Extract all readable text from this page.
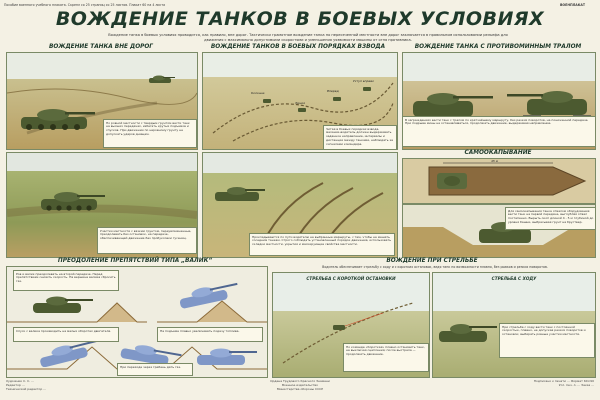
Пособие военного учебного плаката. Скрепл со 25 страниц со 25 листов. Плакат 60 на 4 листа	ВОЕНПЛАКАТ
ВОЖДЕНИЕ ТАНКОВ В БОЕВЫХ УСЛОВИЯХ
Вождение танка в боевых условиях проводится, как правило, вне дорог. Тактически грамотное вождение танка по пересеченной местности вне дорог заключается в правильном использовании рельефа для движения с максимально допустимыми скоростями и уменьшения уязвимости машины от огня противника.
ВОЖДЕНИЕ ТАНКА ВНЕ ДОРОГ
По ровной местности с твердым грунтом вести танк на высших передачах, избегать крутых подъемов и спусков. При движении по неровному грунту не допускать ударов днищем.
Участки местности с вязким грунтом, переувлажненные, преодолевать без остановок, на передаче, обеспечивающей движение без пробуксовки гусениц.
ВОЖДЕНИЕ ТАНКОВ В БОЕВЫХ ПОРЯДКАХ ВЗВОДА
Колонна
Линия
Вперед
Уступ вправо
Читая в боевых порядках взвода, механик-водитель должен выдерживать заданное направление, интервалы и дистанции между танками, наблюдать за сигналами командира.
Прокладываются по пути водителю не выбранные маршруты, с тем, чтобы не мешать соседним танкам. Строго соблюдать установленный порядок движения, использовать складки местности, укрытия и маскирующие свойства местности.
ВОЖДЕНИЕ ТАНКА С ПРОТИВОМИННЫМ ТРАЛОМ
В заграждениях вести танк с тралом по кратчайшему маршруту, без резких поворотов, на пониженной передаче. При подрыве мины не останавливаться, продолжать движение, выдерживая направление.
САМООКАПЫВАНИЕ
45 м
Для самоокапывания танка отвалом оборудования вести танк на первой передаче, выглубляя отвал постепенно. Вырыть окоп длиной 4 - 5 м глубиной до уровня башни, выбрасывая грунт на бруствер.
ПРЕОДОЛЕНИЕ ПРЕПЯТСТВИЙ ТИПА „ВАЛИК“
Ров и валик преодолевать на второй передаче. Перед препятствием снизить скорость. На вершине валика сбросить газ.
На подъеме плавно увеличивать подачу топлива.
Спуск с валика производить на малых оборотах двигателя.
При переходе через гребень дать газ.
ВОЖДЕНИЕ ПРИ СТРЕЛЬБЕ
Водитель обеспечивает стрельбу с ходу и с коротких остановок, ведя танк по возможности плавно, без рывков и резких поворотов.
СТРЕЛЬБА С КОРОТКОЙ ОСТАНОВКИ
По команде «Короткая» плавно остановить танк, не выключая сцепления; после выстрела — продолжить движение.
СТРЕЛЬБА С ХОДУ
При стрельбе с ходу вести танк с постоянной скоростью, плавно, не допуская резких поворотов и остановок; выбирать ровные участки местности.
Художник С. С. ...
Редактор ...
Технический редактор ...
Ордена Трудового Красного Знамени
Военное издательство
Министерства обороны СССР
Подписано к печати ... Формат 60×90
Усл. печ. л. ... Заказ ...
